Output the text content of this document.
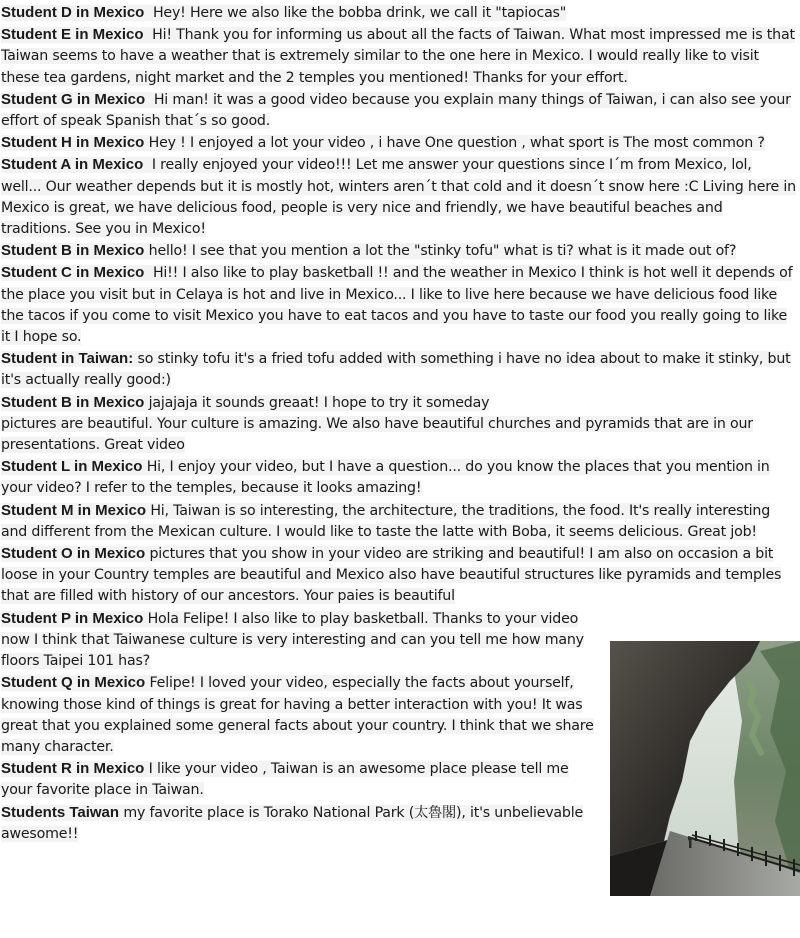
Student D in Mexico Hey! Here we also like the bobba drink, we call it "tapiocas"

Student E in Mexico Hi! Thank you for informing us about all the facts of Taiwan. What most impressed me is that Taiwan seems to have a weather that is extremely similar to the one here in Mexico. I would really like to visit these tea gardens, night market and the 2 temples you mentioned! Thanks for your effort.

Student G in Mexico Hi man! it was a good video because you explain many things of Taiwan, i can also see your effort of speak Spanish that´s so good.

Student H in Mexico Hey ! I enjoyed a lot your video , i have One question , what sport is The most common ?

Student A in Mexico I really enjoyed your video!!! Let me answer your questions since I´m from Mexico, lol, well... Our weather depends but it is mostly hot, winters aren´t that cold and it doesn´t snow here :C Living here in Mexico is great, we have delicious food, people is very nice and friendly, we have beautiful beaches and traditions. See you in Mexico!

Student B in Mexico hello! I see that you mention a lot the "stinky tofu" what is ti? what is it made out of?

Student C in Mexico Hi!! I also like to play basketball !! and the weather in Mexico I think is hot well it depends of the place you visit but in Celaya is hot and live in Mexico... I like to live here because we have delicious food like the tacos if you come to visit Mexico you have to eat tacos and you have to taste our food you really going to like it I hope so.

Student in Taiwan: so stinky tofu it's a fried tofu added with something i have no idea about to make it stinky, but it's actually really good:)

Student B in Mexico jajajaja it sounds greaat! I hope to try it someday

pictures are beautiful. Your culture is amazing. We also have beautiful churches and pyramids that are in our presentations. Great video

Student L in Mexico Hi, I enjoy your video, but I have a question... do you know the places that you mention in your video? I refer to the temples, because it looks amazing!

Student M in Mexico Hi, Taiwan is so interesting, the architecture, the traditions, the food. It's really interesting and different from the Mexican culture. I would like to taste the latte with Boba, it seems delicious. Great job!

Student O in Mexico pictures that you show in your video are striking and beautiful! I am also on occasion a bit loose in your Country temples are beautiful and Mexico also have beautiful structures like pyramids and temples that are filled with history of our ancestors. Your paies is beautiful

Student P in Mexico Hola Felipe! I also like to play basketball. Thanks to your video now I think that Taiwanese culture is very interesting and can you tell me how many floors Taipei 101 has?

Student Q in Mexico Felipe! I loved your video, especially the facts about yourself, knowing those kind of things is great for having a better interaction with you! It was great that you explained some general facts about your country. I think that we share many character.

Student R in Mexico I like your video , Taiwan is an awesome place please tell me your favorite place in Taiwan.

Students Taiwan my favorite place is Torako National Park (太魯閣), it's unbelievable awesome!!
